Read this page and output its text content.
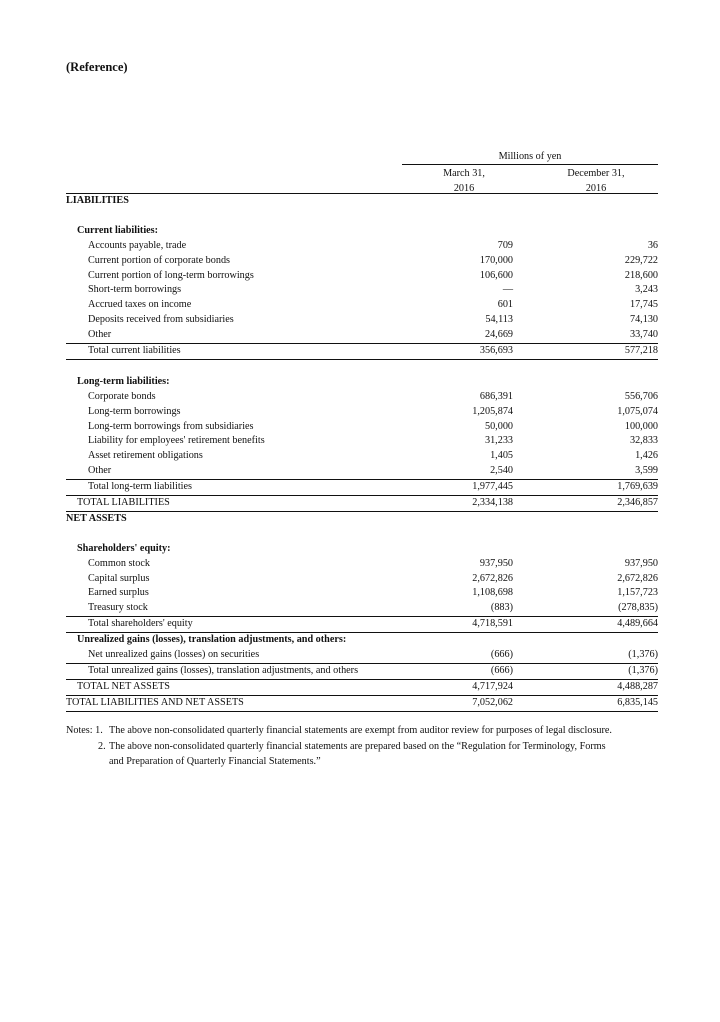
(Reference)
Millions of yen
March 31,
2016
December 31,
2016
LIABILITIES
Current liabilities:
Accounts payable, trade	709	36
Current portion of corporate bonds	170,000	229,722
Current portion of long-term borrowings	106,600	218,600
Short-term borrowings	—	3,243
Accrued taxes on income	601	17,745
Deposits received from subsidiaries	54,113	74,130
Other	24,669	33,740
Total current liabilities	356,693	577,218
Long-term liabilities:
Corporate bonds	686,391	556,706
Long-term borrowings	1,205,874	1,075,074
Long-term borrowings from subsidiaries	50,000	100,000
Liability for employees' retirement benefits	31,233	32,833
Asset retirement obligations	1,405	1,426
Other	2,540	3,599
Total long-term liabilities	1,977,445	1,769,639
TOTAL LIABILITIES	2,334,138	2,346,857
NET ASSETS
Shareholders' equity:
Common stock	937,950	937,950
Capital surplus	2,672,826	2,672,826
Earned surplus	1,108,698	1,157,723
Treasury stock	(883)	(278,835)
Total shareholders' equity	4,718,591	4,489,664
Unrealized gains (losses), translation adjustments, and others:
Net unrealized gains (losses) on securities	(666)	(1,376)
Total unrealized gains (losses), translation adjustments, and others	(666)	(1,376)
TOTAL NET ASSETS	4,717,924	4,488,287
TOTAL LIABILITIES AND NET ASSETS	7,052,062	6,835,145
Notes: 1. The above non-consolidated quarterly financial statements are exempt from auditor review for purposes of legal disclosure.
2. The above non-consolidated quarterly financial statements are prepared based on the “Regulation for Terminology, Forms
and Preparation of Quarterly Financial Statements.”
